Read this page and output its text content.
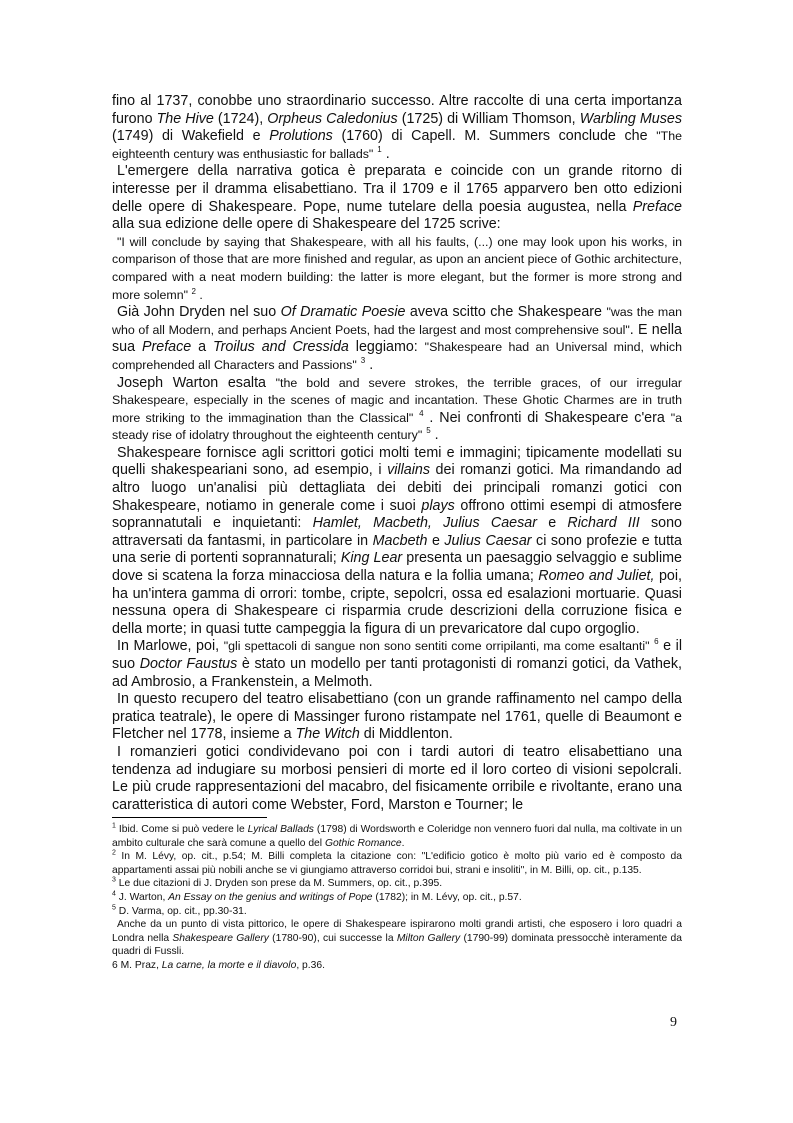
fino al 1737, conobbe uno straordinario successo. Altre raccolte di una certa importanza furono The Hive (1724), Orpheus Caledonius (1725) di William Thomson, Warbling Muses (1749) di Wakefield e Prolutions (1760) di Capell. M. Summers conclude che "The eighteenth century was enthusiastic for ballads" $^1$ .

L'emergere della narrativa gotica è preparata e coincide con un grande ritorno di interesse per il dramma elisabettiano. Tra il 1709 e il 1765 apparvero ben otto edizioni delle opere di Shakespeare. Pope, nume tutelare della poesia augustea, nella Preface alla sua edizione delle opere di Shakespeare del 1725 scrive:

"I will conclude by saying that Shakespeare, with all his faults, (...) one may look upon his works, in comparison of those that are more finished and regular, as upon an ancient piece of Gothic architecture, compared with a neat modern building: the latter is more elegant, but the former is more strong and more solemn" $^2$ .

Già John Dryden nel suo Of Dramatic Poesie aveva scitto che Shakespeare "was the man who of all Modern, and perhaps Ancient Poets, had the largest and most comprehensive soul". E nella sua Preface a Troilus and Cressida leggiamo: "Shakespeare had an Universal mind, which comprehended all Characters and Passions" $^3$ .

Joseph Warton esalta "the bold and severe strokes, the terrible graces, of our irregular Shakespeare, especially in the scenes of magic and incantation. These Ghotic Charmes are in truth more striking to the immagination than the Classical" $^4$ . Nei confronti di Shakespeare c'era "a steady rise of idolatry throughout the eighteenth century" $^5$ .

Shakespeare fornisce agli scrittori gotici molti temi e immagini; tipicamente modellati su quelli shakespeariani sono, ad esempio, i villains dei romanzi gotici. Ma rimandando ad altro luogo un'analisi più dettagliata dei debiti dei principali romanzi gotici con Shakespeare, notiamo in generale come i suoi plays offrono ottimi esempi di atmosfere soprannatutali e inquietanti: Hamlet, Macbeth, Julius Caesar e Richard III sono attraversati da fantasmi, in particolare in Macbeth e Julius Caesar ci sono profezie e tutta una serie di portenti soprannaturali; King Lear presenta un paesaggio selvaggio e sublime dove si scatena la forza minacciosa della natura e la follia umana; Romeo and Juliet, poi, ha un'intera gamma di orrori: tombe, cripte, sepolcri, ossa ed esalazioni mortuarie. Quasi nessuna opera di Shakespeare ci risparmia crude descrizioni della corruzione fisica e della morte; in quasi tutte campeggia la figura di un prevaricatore dal cupo orgoglio.

In Marlowe, poi, "gli spettacoli di sangue non sono sentiti come orripilanti, ma come esaltanti" $^6$ e il suo Doctor Faustus è stato un modello per tanti protagonisti di romanzi gotici, da Vathek, ad Ambrosio, a Frankenstein, a Melmoth.

In questo recupero del teatro elisabettiano (con un grande raffinamento nel campo della pratica teatrale), le opere di Massinger furono ristampate nel 1761, quelle di Beaumont e Fletcher nel 1778, insieme a The Witch di Middlenton.

I romanzieri gotici condividevano poi con i tardi autori di teatro elisabettiano una tendenza ad indugiare su morbosi pensieri di morte ed il loro corteo di visioni sepolcrali. Le più crude rappresentazioni del macabro, del fisicamente orribile e rivoltante, erano una caratteristica di autori come Webster, Ford, Marston e Tourner; le

$^1$ Ibid. Come si può vedere le Lyrical Ballads (1798) di Wordsworth e Coleridge non vennero fuori dal nulla, ma coltivate in un ambito culturale che sarà comune a quello del Gothic Romance.

$^2$ In M. Lévy, op. cit., p.54; M. Billi completa la citazione con: "L'edificio gotico è molto più vario ed è composto da appartamenti assai più nobili anche se vi giungiamo attraverso corridoi bui, strani e insoliti", in M. Billi, op. cit., p.135.

$^3$ Le due citazioni di J. Dryden son prese da M. Summers, op. cit., p.395.

$^4$ J. Warton, An Essay on the genius and writings of Pope (1782); in M. Lévy, op. cit., p.57.

$^5$ D. Varma, op. cit., pp.30-31.

Anche da un punto di vista pittorico, le opere di Shakespeare ispirarono molti grandi artisti, che esposero i loro quadri a Londra nella Shakespeare Gallery (1780-90), cui successe la Milton Gallery (1790-99) dominata pressocchè interamente da quadri di Fussli.

6 M. Praz, La carne, la morte e il diavolo, p.36.

9
